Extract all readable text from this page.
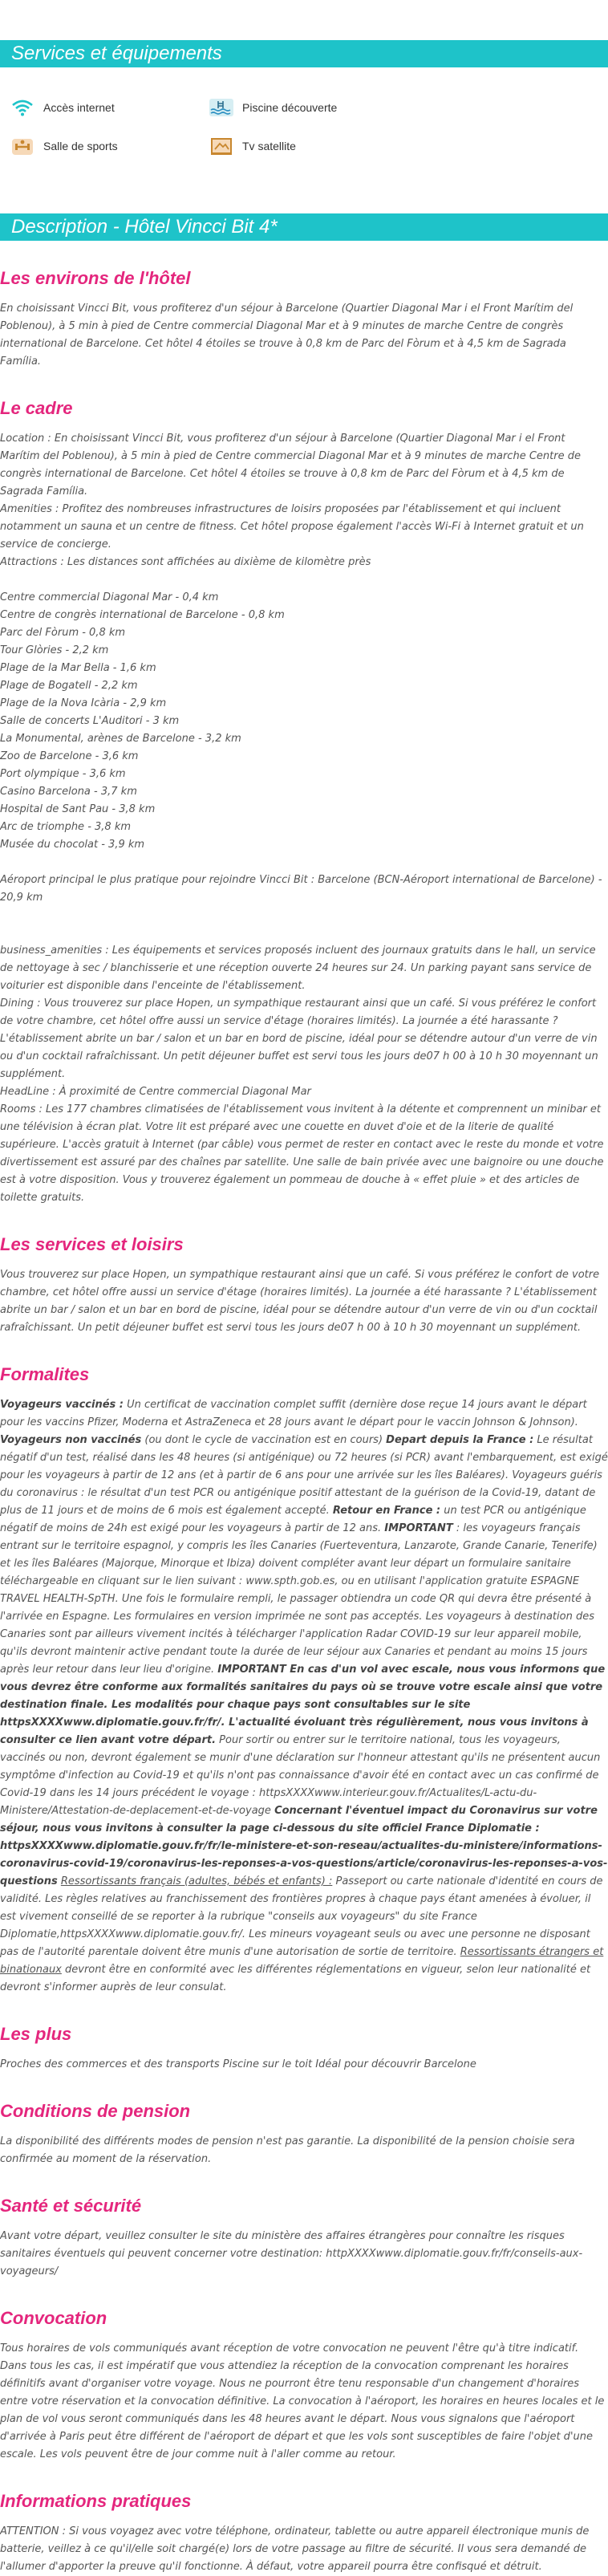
Services et équipements
Accès internet	Piscine découverte
Salle de sports	Tv satellite
Description - Hôtel Vincci Bit 4*
Les environs de l'hôtel

En choisissant Vincci Bit, vous profiterez d'un séjour à Barcelone (Quartier Diagonal Mar i el Front Marítim del Poblenou), à 5 min à pied de Centre commercial Diagonal Mar et à 9 minutes de marche Centre de congrès international de Barcelone. Cet hôtel 4 étoiles se trouve à 0,8 km de Parc del Fòrum et à 4,5 km de Sagrada Família.

Le cadre

Location : En choisissant Vincci Bit, vous profiterez d'un séjour à Barcelone (Quartier Diagonal Mar i el Front Marítim del Poblenou), à 5 min à pied de Centre commercial Diagonal Mar et à 9 minutes de marche Centre de congrès international de Barcelone. Cet hôtel 4 étoiles se trouve à 0,8 km de Parc del Fòrum et à 4,5 km de Sagrada Família.

Amenities : Profitez des nombreuses infrastructures de loisirs proposées par l'établissement et qui incluent notamment un sauna et un centre de fitness. Cet hôtel propose également l'accès Wi-Fi à Internet gratuit et un service de concierge.

Attractions : Les distances sont affichées au dixième de kilomètre près

Centre commercial Diagonal Mar - 0,4 km
Centre de congrès international de Barcelone - 0,8 km
Parc del Fòrum - 0,8 km
Tour Glòries - 2,2 km
Plage de la Mar Bella - 1,6 km
Plage de Bogatell - 2,2 km
Plage de la Nova Icària - 2,9 km
Salle de concerts L'Auditori - 3 km
La Monumental, arènes de Barcelone - 3,2 km
Zoo de Barcelone - 3,6 km
Port olympique - 3,6 km
Casino Barcelona - 3,7 km
Hospital de Sant Pau - 3,8 km
Arc de triomphe - 3,8 km
Musée du chocolat - 3,9 km

Aéroport principal le plus pratique pour rejoindre Vincci Bit : Barcelone (BCN-Aéroport international de Barcelone) - 20,9 km

business_amenities : Les équipements et services proposés incluent des journaux gratuits dans le hall, un service de nettoyage à sec / blanchisserie et une réception ouverte 24 heures sur 24. Un parking payant sans service de voiturier est disponible dans l'enceinte de l'établissement.

Dining : Vous trouverez sur place Hopen, un sympathique restaurant ainsi que un café. Si vous préférez le confort de votre chambre, cet hôtel offre aussi un service d'étage (horaires limités). La journée a été harassante ? L'établissement abrite un bar / salon et un bar en bord de piscine, idéal pour se détendre autour d'un verre de vin ou d'un cocktail rafraîchissant. Un petit déjeuner buffet est servi tous les jours de07 h 00 à 10 h 30 moyennant un supplément.

HeadLine : À proximité de Centre commercial Diagonal Mar

Rooms : Les 177 chambres climatisées de l'établissement vous invitent à la détente et comprennent un minibar et une télévision à écran plat. Votre lit est préparé avec une couette en duvet d'oie et de la literie de qualité supérieure. L'accès gratuit à Internet (par câble) vous permet de rester en contact avec le reste du monde et votre divertissement est assuré par des chaînes par satellite. Une salle de bain privée avec une baignoire ou une douche est à votre disposition. Vous y trouverez également un pommeau de douche à « effet pluie » et des articles de toilette gratuits.

Les services et loisirs

Vous trouverez sur place Hopen, un sympathique restaurant ainsi que un café. Si vous préférez le confort de votre chambre, cet hôtel offre aussi un service d'étage (horaires limités). La journée a été harassante ? L'établissement abrite un bar / salon et un bar en bord de piscine, idéal pour se détendre autour d'un verre de vin ou d'un cocktail rafraîchissant. Un petit déjeuner buffet est servi tous les jours de07 h 00 à 10 h 30 moyennant un supplément.

Formalites
Voyageurs vaccinés : Un certificat de vaccination complet suffit (dernière dose reçue 14 jours avant le départ pour les vaccins Pfizer, Moderna et AstraZeneca et 28 jours avant le départ pour le vaccin Johnson & Johnson). Voyageurs non vaccinés (ou dont le cycle de vaccination est en cours) Depart depuis la France : Le résultat négatif d'un test, réalisé dans les 48 heures (si antigénique) ou 72 heures (si PCR) avant l'embarquement, est exigé pour les voyageurs à partir de 12 ans (et à partir de 6 ans pour une arrivée sur les îles Baléares). Voyageurs guéris du coronavirus : le résultat d'un test PCR ou antigénique positif attestant de la guérison de la Covid-19, datant de plus de 11 jours et de moins de 6 mois est également accepté. Retour en France : un test PCR ou antigénique négatif de moins de 24h est exigé pour les voyageurs à partir de 12 ans. IMPORTANT : les voyageurs français entrant sur le territoire espagnol, y compris les îles Canaries (Fuerteventura, Lanzarote, Grande Canarie, Tenerife) et les îles Baléares (Majorque, Minorque et Ibiza) doivent compléter avant leur départ un formulaire sanitaire téléchargeable en cliquant sur le lien suivant : www.spth.gob.es, ou en utilisant l'application gratuite ESPAGNE TRAVEL HEALTH-SpTH. Une fois le formulaire rempli, le passager obtiendra un code QR qui devra être présenté à l'arrivée en Espagne. Les formulaires en version imprimée ne sont pas acceptés. Les voyageurs à destination des Canaries sont par ailleurs vivement incités à télécharger l'application Radar COVID-19 sur leur appareil mobile, qu'ils devront maintenir active pendant toute la durée de leur séjour aux Canaries et pendant au moins 15 jours après leur retour dans leur lieu d'origine. IMPORTANT En cas d'un vol avec escale, nous vous informons que vous devrez être conforme aux formalités sanitaires du pays où se trouve votre escale ainsi que votre destination finale. Les modalités pour chaque pays sont consultables sur le site httpsXXXXwww.diplomatie.gouv.fr/fr/. L'actualité évoluant très régulièrement, nous vous invitons à consulter ce lien avant votre départ. Pour sortir ou entrer sur le territoire national, tous les voyageurs, vaccinés ou non, devront également se munir d'une déclaration sur l'honneur attestant qu'ils ne présentent aucun symptôme d'infection au Covid-19 et qu'ils n'ont pas connaissance d'avoir été en contact avec un cas confirmé de Covid-19 dans les 14 jours précédent le voyage : httpsXXXXwww.interieur.gouv.fr/Actualites/L-actu-du-Ministere/Attestation-de-deplacement-et-de-voyage Concernant l'éventuel impact du Coronavirus sur votre séjour, nous vous invitons à consulter la page ci-dessous du site officiel France Diplomatie : httpsXXXXwww.diplomatie.gouv.fr/fr/le-ministere-et-son-reseau/actualites-du-ministere/informations-coronavirus-covid-19/coronavirus-les-reponses-a-vos-questions/article/coronavirus-les-reponses-a-vos-questions Ressortissants français (adultes, bébés et enfants) : Passeport ou carte nationale d'identité en cours de validité. Les règles relatives au franchissement des frontières propres à chaque pays étant amenées à évoluer, il est vivement conseillé de se reporter à la rubrique "conseils aux voyageurs" du site France Diplomatie,httpsXXXXwww.diplomatie.gouv.fr/. Les mineurs voyageant seuls ou avec une personne ne disposant pas de l'autorité parentale doivent être munis d'une autorisation de sortie de territoire. Ressortissants étrangers et binationaux devront être en conformité avec les différentes réglementations en vigueur, selon leur nationalité et devront s'informer auprès de leur consulat.
Les plus

Proches des commerces et des transports Piscine sur le toit Idéal pour découvrir Barcelone

Conditions de pension

La disponibilité des différents modes de pension n'est pas garantie. La disponibilité de la pension choisie sera confirmée au moment de la réservation.

Santé et sécurité

Avant votre départ, veuillez consulter le site du ministère des affaires étrangères pour connaître les risques sanitaires éventuels qui peuvent concerner votre destination: httpXXXXwww.diplomatie.gouv.fr/fr/conseils-aux-voyageurs/

Convocation

Tous horaires de vols communiqués avant réception de votre convocation ne peuvent l'être qu'à titre indicatif. Dans tous les cas, il est impératif que vous attendiez la réception de la convocation comprenant les horaires définitifs avant d'organiser votre voyage. Nous ne pourront être tenu responsable d'un changement d'horaires entre votre réservation et la convocation définitive. La convocation à l'aéroport, les horaires en heures locales et le plan de vol vous seront communiqués dans les 48 heures avant le départ. Nous vous signalons que l'aéroport d'arrivée à Paris peut être différent de l'aéroport de départ et que les vols sont susceptibles de faire l'objet d'une escale. Les vols peuvent être de jour comme nuit à l'aller comme au retour.

Informations pratiques

ATTENTION : Si vous voyagez avec votre téléphone, ordinateur, tablette ou autre appareil électronique munis de batterie, veillez à ce qu'il/elle soit chargé(e) lors de votre passage au filtre de sécurité. Il vous sera demandé de l'allumer d'apporter la preuve qu'il fonctionne. À défaut, votre appareil pourra être confisqué et détruit.
